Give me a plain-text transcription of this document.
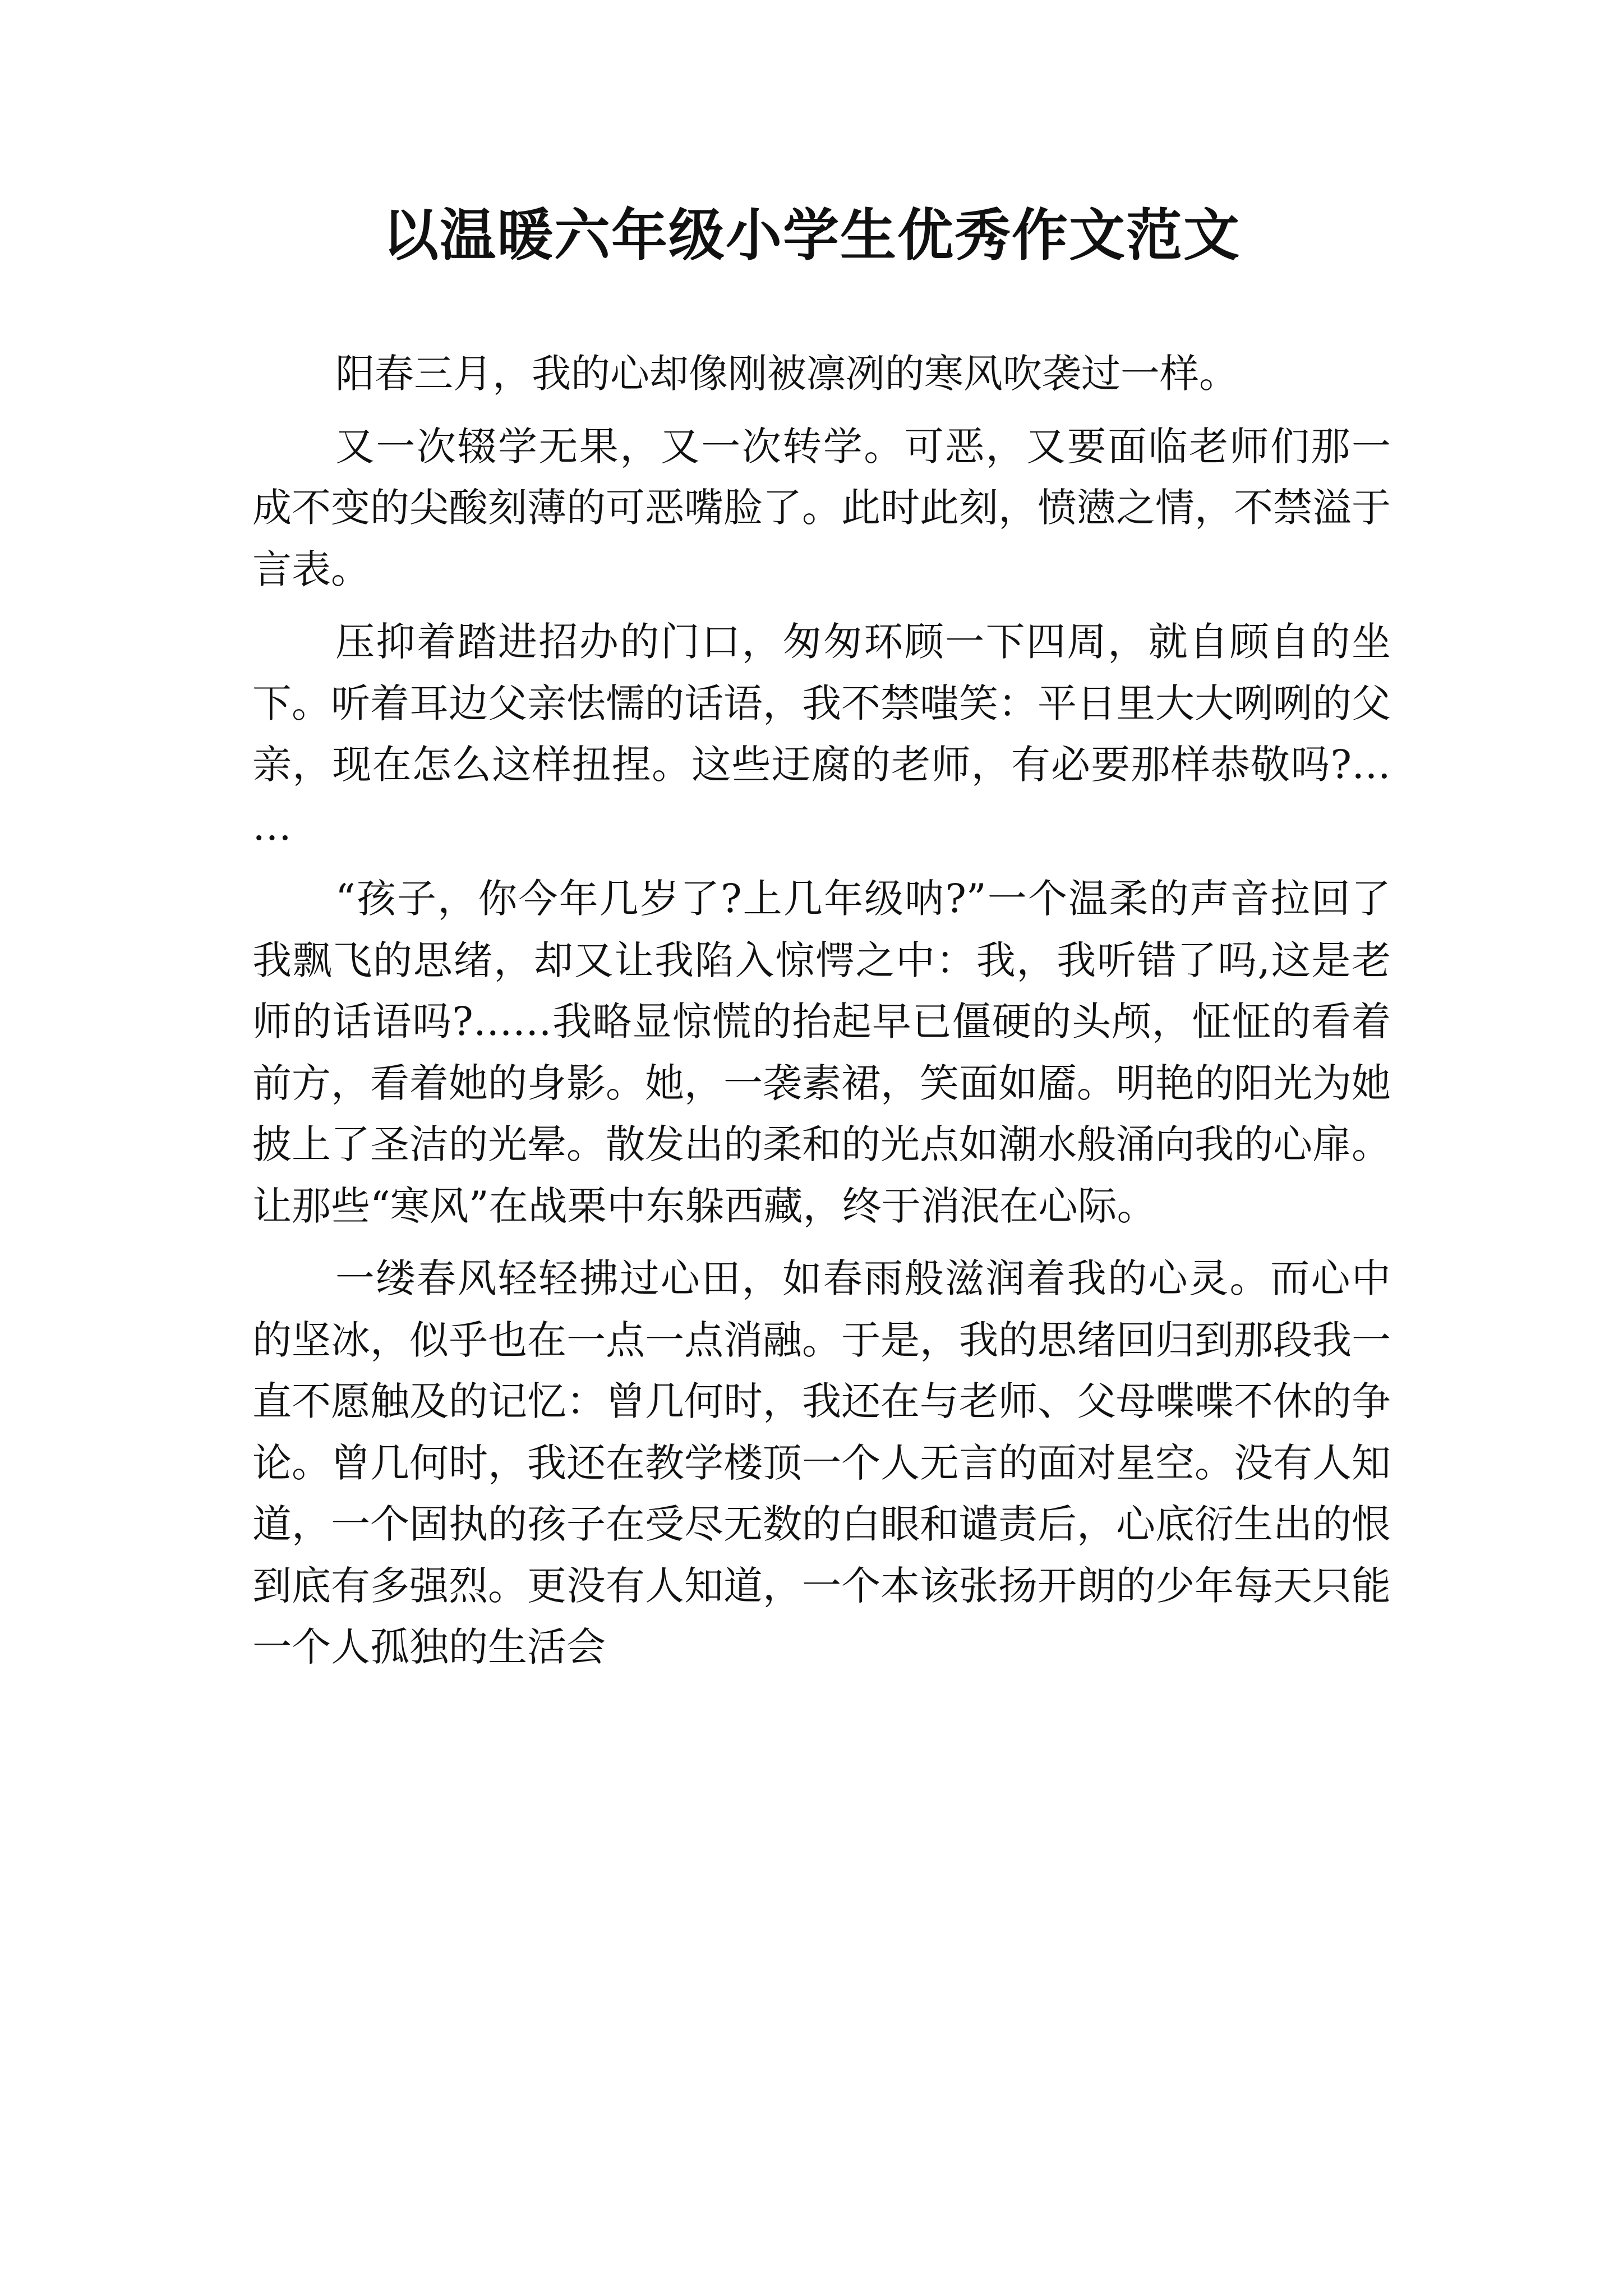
以温暖六年级小学生优秀作文范文

阳春三月，我的心却像刚被凛冽的寒风吹袭过一样。

又一次辍学无果，又一次转学。可恶，又要面临老师们那一成不变的尖酸刻薄的可恶嘴脸了。此时此刻，愤懑之情，不禁溢于言表。

压抑着踏进招办的门口，匆匆环顾一下四周，就自顾自的坐下。听着耳边父亲怯懦的话语，我不禁嗤笑：平日里大大咧咧的父亲，现在怎么这样扭捏。这些迂腐的老师，有必要那样恭敬吗?……

“孩子，你今年几岁了?上几年级呐?”一个温柔的声音拉回了我飘飞的思绪，却又让我陷入惊愕之中：我，我听错了吗,这是老师的话语吗?……我略显惊慌的抬起早已僵硬的头颅，怔怔的看着前方，看着她的身影。她，一袭素裙，笑面如靥。明艳的阳光为她披上了圣洁的光晕。散发出的柔和的光点如潮水般涌向我的心扉。让那些“寒风”在战栗中东躲西藏，终于消泯在心际。

一缕春风轻轻拂过心田，如春雨般滋润着我的心灵。而心中的坚冰，似乎也在一点一点消融。于是，我的思绪回归到那段我一直不愿触及的记忆：曾几何时，我还在与老师、父母喋喋不休的争论。曾几何时，我还在教学楼顶一个人无言的面对星空。没有人知道，一个固执的孩子在受尽无数的白眼和谴责后，心底衍生出的恨到底有多强烈。更没有人知道，一个本该张扬开朗的少年每天只能一个人孤独的生活会
